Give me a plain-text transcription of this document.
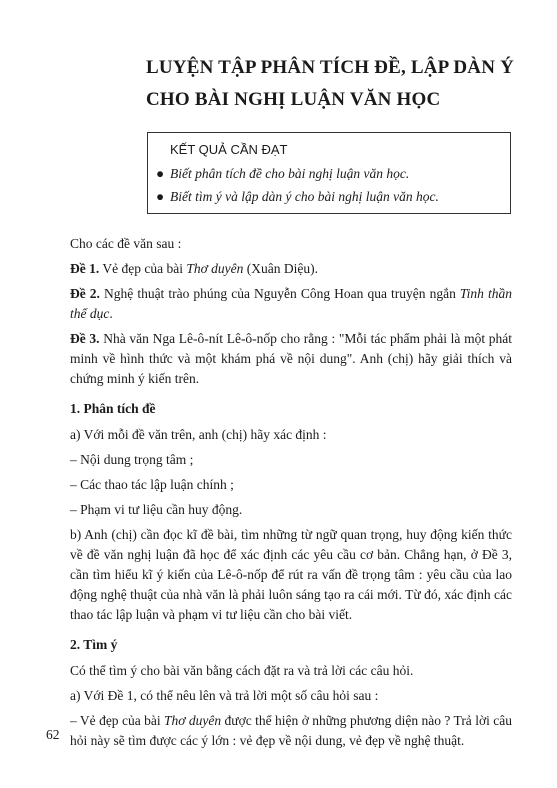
LUYỆN TẬP PHÂN TÍCH ĐỀ, LẬP DÀN Ý
CHO BÀI NGHỊ LUẬN VĂN HỌC
KẾT QUẢ CẦN ĐẠT
● Biết phân tích đề cho bài nghị luận văn học.
● Biết tìm ý và lập dàn ý cho bài nghị luận văn học.

Cho các đề văn sau :

Đề 1. Vẻ đẹp của bài Thơ duyên (Xuân Diệu).

Đề 2. Nghệ thuật trào phúng của Nguyễn Công Hoan qua truyện ngắn Tinh thần thể dục.

Đề 3. Nhà văn Nga Lê-ô-nít Lê-ô-nốp cho rằng : "Mỗi tác phẩm phải là một phát minh về hình thức và một khám phá về nội dung". Anh (chị) hãy giải thích và chứng minh ý kiến trên.

1. Phân tích đề

a) Với mỗi đề văn trên, anh (chị) hãy xác định :

– Nội dung trọng tâm ;

– Các thao tác lập luận chính ;

– Phạm vi tư liệu cần huy động.

b) Anh (chị) cần đọc kĩ đề bài, tìm những từ ngữ quan trọng, huy động kiến thức về đề văn nghị luận đã học để xác định các yêu cầu cơ bản. Chẳng hạn, ở Đề 3, cần tìm hiểu kĩ ý kiến của Lê-ô-nốp để rút ra vấn đề trọng tâm : yêu cầu của lao động nghệ thuật của nhà văn là phải luôn sáng tạo ra cái mới. Từ đó, xác định các thao tác lập luận và phạm vi tư liệu cần cho bài viết.

2. Tìm ý

Có thể tìm ý cho bài văn bằng cách đặt ra và trả lời các câu hỏi.

a) Với Đề 1, có thể nêu lên và trả lời một số câu hỏi sau :

– Vẻ đẹp của bài Thơ duyên được thể hiện ở những phương diện nào ? Trả lời câu hỏi này sẽ tìm được các ý lớn : vẻ đẹp về nội dung, vẻ đẹp về nghệ thuật.

62
